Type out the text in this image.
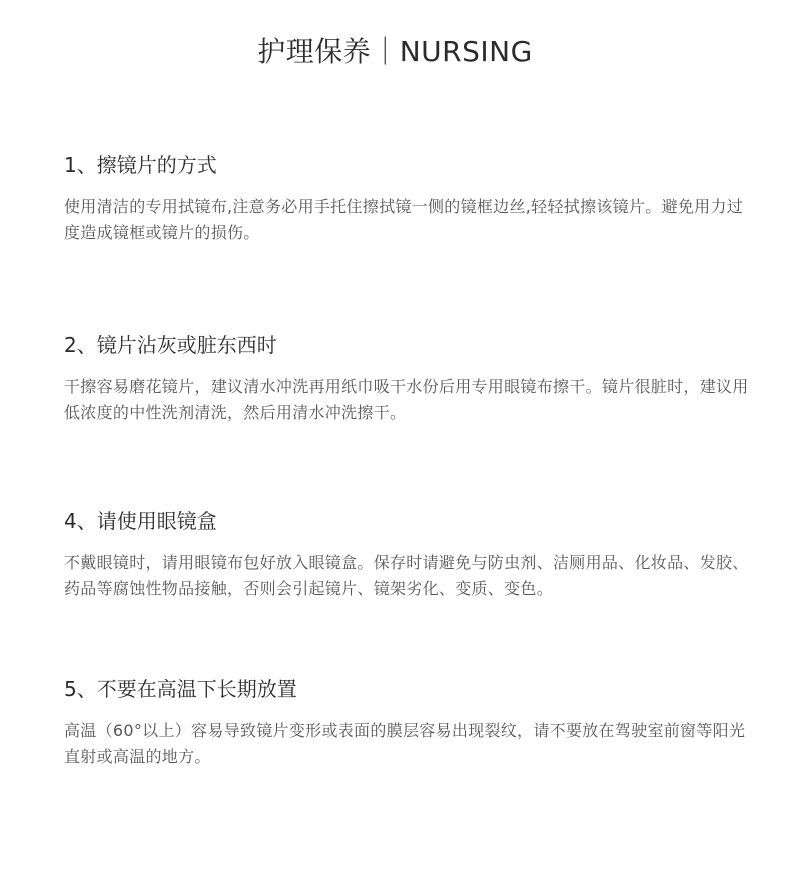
护理保养｜NURSING
1、擦镜片的方式

使用清洁的专用拭镜布,注意务必用手托住擦拭镜一侧的镜框边丝,轻轻拭擦该镜片。避免用力过度造成镜框或镜片的损伤。

2、镜片沾灰或脏东西时

干擦容易磨花镜片，建议清水冲洗再用纸巾吸干水份后用专用眼镜布擦干。镜片很脏时，建议用低浓度的中性洗剂清洗，然后用清水冲洗擦干。

4、请使用眼镜盒

不戴眼镜时，请用眼镜布包好放入眼镜盒。保存时请避免与防虫剂、洁厕用品、化妆品、发胶、药品等腐蚀性物品接触，否则会引起镜片、镜架劣化、变质、变色。

5、不要在高温下长期放置

高温（60°以上）容易导致镜片变形或表面的膜层容易出现裂纹，请不要放在驾驶室前窗等阳光直射或高温的地方。
